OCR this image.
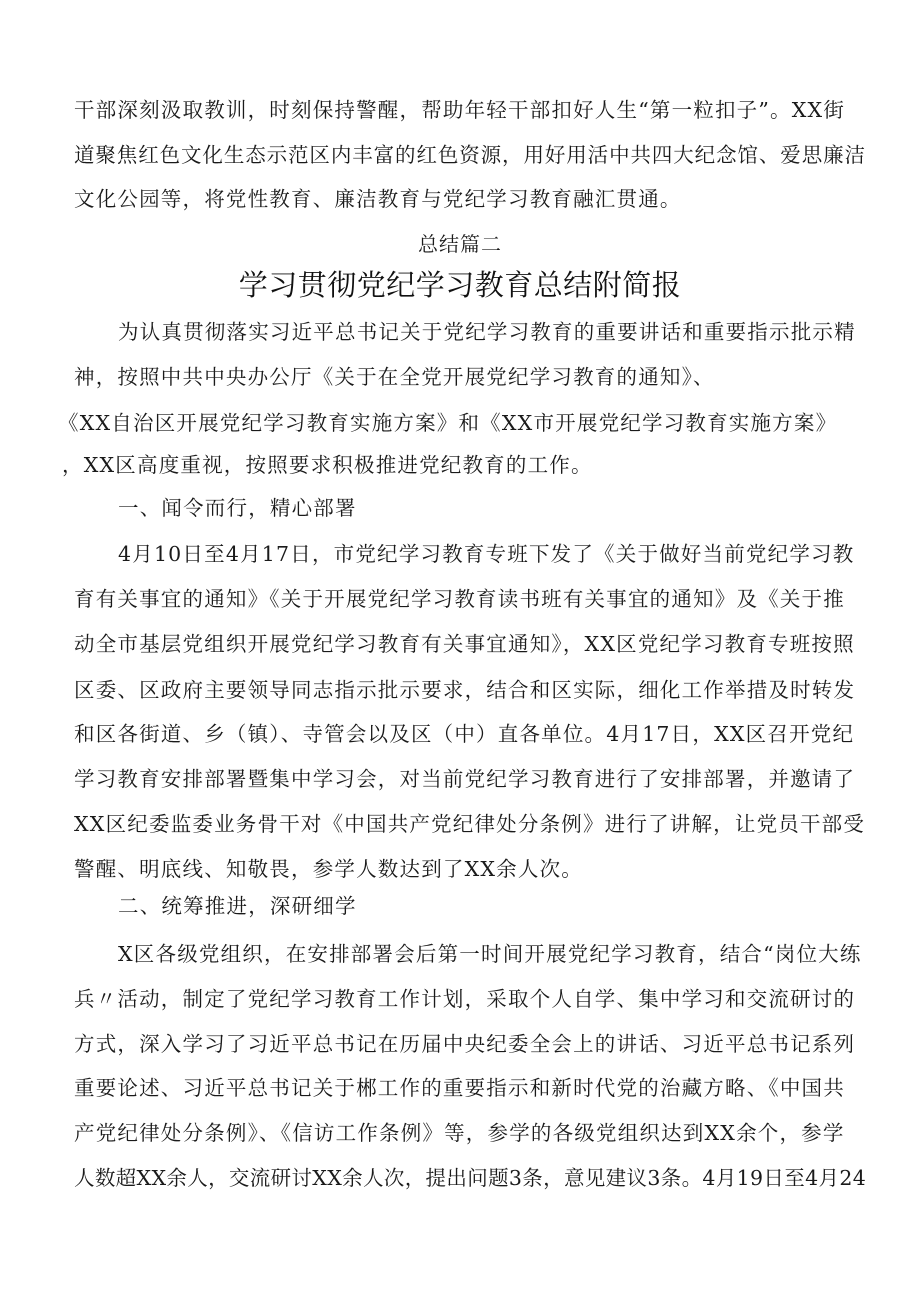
干部深刻汲取教训，时刻保持警醒，帮助年轻干部扣好人生“第一粒扣子”。XX街
道聚焦红色文化生态示范区内丰富的红色资源，用好用活中共四大纪念馆、爱思廉洁
文化公园等，将党性教育、廉洁教育与党纪学习教育融汇贯通。
总结篇二
学习贯彻党纪学习教育总结附简报
为认真贯彻落实习近平总书记关于党纪学习教育的重要讲话和重要指示批示精
神，按照中共中央办公厅《关于在全党开展党纪学习教育的通知》、
《XX自治区开展党纪学习教育实施方案》和《XX市开展党纪学习教育实施方案》
，XX区高度重视，按照要求积极推进党纪教育的工作。
一、闻令而行，精心部署
4月10日至4月17日，市党纪学习教育专班下发了《关于做好当前党纪学习教
育有关事宜的通知》《关于开展党纪学习教育读书班有关事宜的通知》及《关于推
动全市基层党组织开展党纪学习教育有关事宜通知》，XX区党纪学习教育专班按照
区委、区政府主要领导同志指示批示要求，结合和区实际，细化工作举措及时转发
和区各街道、乡（镇）、寺管会以及区（中）直各单位。4月17日，XX区召开党纪
学习教育安排部署暨集中学习会，对当前党纪学习教育进行了安排部署，并邀请了
XX区纪委监委业务骨干对《中国共产党纪律处分条例》进行了讲解，让党员干部受
警醒、明底线、知敬畏，参学人数达到了XX余人次。
二、统筹推进，深研细学
X区各级党组织，在安排部署会后第一时间开展党纪学习教育，结合“岗位大练
兵〃活动，制定了党纪学习教育工作计划，采取个人自学、集中学习和交流研讨的
方式，深入学习了习近平总书记在历届中央纪委全会上的讲话、习近平总书记系列
重要论述、习近平总书记关于郴工作的重要指示和新时代党的治藏方略、《中国共
产党纪律处分条例》、《信访工作条例》等，参学的各级党组织达到XX余个，参学
人数超XX余人，交流研讨XX余人次，提出问题3条，意见建议3条。4月19日至4月24
